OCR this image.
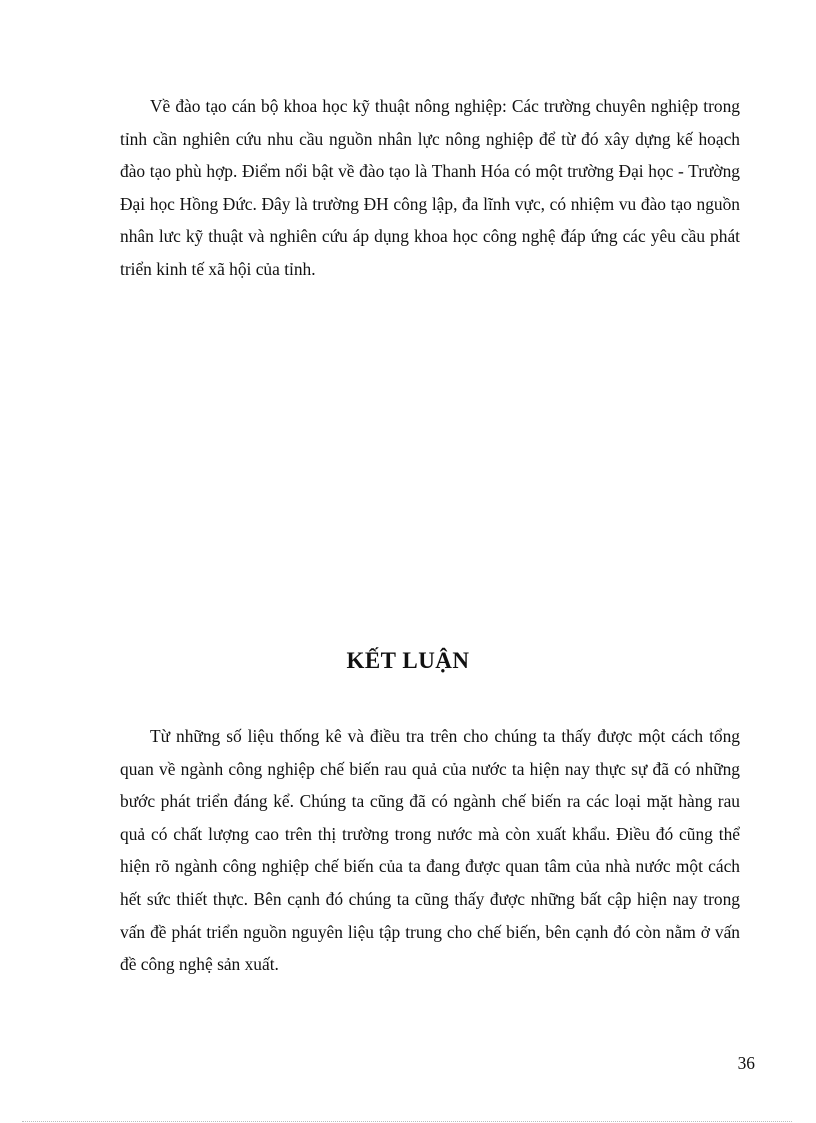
Về đào tạo cán bộ khoa học kỹ thuật nông nghiệp: Các trường chuyên nghiệp trong tỉnh cần nghiên cứu nhu cầu nguồn nhân lực nông nghiệp để từ đó xây dựng kế hoạch đào tạo phù hợp. Điểm nổi bật về đào tạo là Thanh Hóa có một trường Đại học - Trường Đại học Hồng Đức. Đây là trường ĐH công lập, đa lĩnh vực, có nhiệm vu đào tạo nguồn nhân lưc kỹ thuật và nghiên cứu áp dụng khoa học công nghệ đáp ứng các yêu cầu phát triển kinh tế xã hội của tỉnh.

KẾT LUẬN

Từ những số liệu thống kê và điều tra trên cho chúng ta thấy được một cách tổng quan về ngành công nghiệp chế biến rau quả của nước ta hiện nay thực sự đã có những bước phát triển đáng kể. Chúng ta cũng đã có ngành chế biến ra các loại mặt hàng rau quả có chất lượng cao trên thị trường trong nước mà còn xuất khẩu. Điều đó cũng thể hiện rõ ngành công nghiệp chế biến của ta đang được quan tâm của nhà nước một cách hết sức thiết thực. Bên cạnh đó chúng ta cũng thấy được những bất cập hiện nay trong vấn đề phát triển nguồn nguyên liệu tập trung cho chế biến, bên cạnh đó còn nằm ở vấn đề công nghệ sản xuất.

36
